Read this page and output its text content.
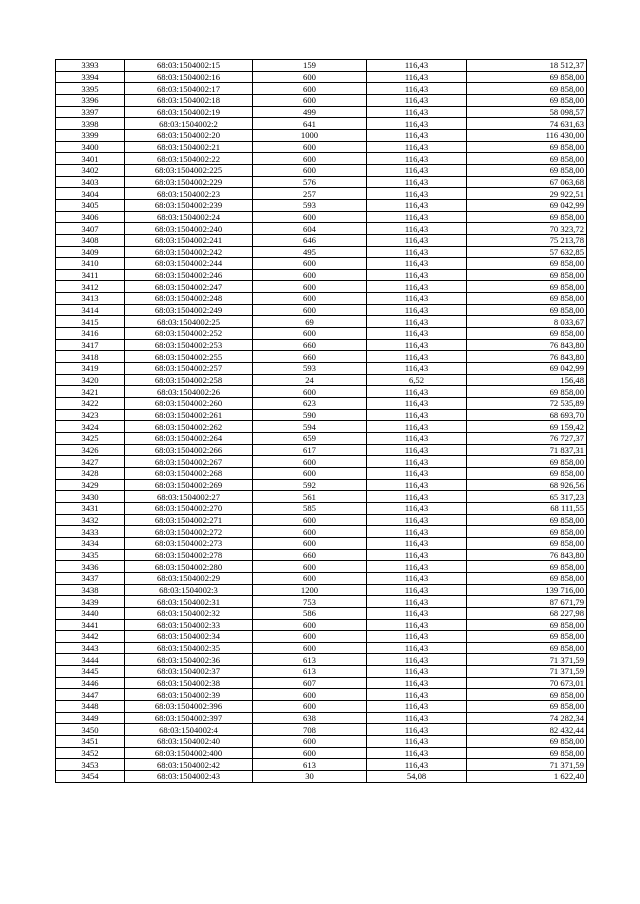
3393	68:03:1504002:15	159	116,43	18 512,37
3394	68:03:1504002:16	600	116,43	69 858,00
3395	68:03:1504002:17	600	116,43	69 858,00
3396	68:03:1504002:18	600	116,43	69 858,00
3397	68:03:1504002:19	499	116,43	58 098,57
3398	68:03:1504002:2	641	116,43	74 631,63
3399	68:03:1504002:20	1000	116,43	116 430,00
3400	68:03:1504002:21	600	116,43	69 858,00
3401	68:03:1504002:22	600	116,43	69 858,00
3402	68:03:1504002:225	600	116,43	69 858,00
3403	68:03:1504002:229	576	116,43	67 063,68
3404	68:03:1504002:23	257	116,43	29 922,51
3405	68:03:1504002:239	593	116,43	69 042,99
3406	68:03:1504002:24	600	116,43	69 858,00
3407	68:03:1504002:240	604	116,43	70 323,72
3408	68:03:1504002:241	646	116,43	75 213,78
3409	68:03:1504002:242	495	116,43	57 632,85
3410	68:03:1504002:244	600	116,43	69 858,00
3411	68:03:1504002:246	600	116,43	69 858,00
3412	68:03:1504002:247	600	116,43	69 858,00
3413	68:03:1504002:248	600	116,43	69 858,00
3414	68:03:1504002:249	600	116,43	69 858,00
3415	68:03:1504002:25	69	116,43	8 033,67
3416	68:03:1504002:252	600	116,43	69 858,00
3417	68:03:1504002:253	660	116,43	76 843,80
3418	68:03:1504002:255	660	116,43	76 843,80
3419	68:03:1504002:257	593	116,43	69 042,99
3420	68:03:1504002:258	24	6,52	156,48
3421	68:03:1504002:26	600	116,43	69 858,00
3422	68:03:1504002:260	623	116,43	72 535,89
3423	68:03:1504002:261	590	116,43	68 693,70
3424	68:03:1504002:262	594	116,43	69 159,42
3425	68:03:1504002:264	659	116,43	76 727,37
3426	68:03:1504002:266	617	116,43	71 837,31
3427	68:03:1504002:267	600	116,43	69 858,00
3428	68:03:1504002:268	600	116,43	69 858,00
3429	68:03:1504002:269	592	116,43	68 926,56
3430	68:03:1504002:27	561	116,43	65 317,23
3431	68:03:1504002:270	585	116,43	68 111,55
3432	68:03:1504002:271	600	116,43	69 858,00
3433	68:03:1504002:272	600	116,43	69 858,00
3434	68:03:1504002:273	600	116,43	69 858,00
3435	68:03:1504002:278	660	116,43	76 843,80
3436	68:03:1504002:280	600	116,43	69 858,00
3437	68:03:1504002:29	600	116,43	69 858,00
3438	68:03:1504002:3	1200	116,43	139 716,00
3439	68:03:1504002:31	753	116,43	87 671,79
3440	68:03:1504002:32	586	116,43	68 227,98
3441	68:03:1504002:33	600	116,43	69 858,00
3442	68:03:1504002:34	600	116,43	69 858,00
3443	68:03:1504002:35	600	116,43	69 858,00
3444	68:03:1504002:36	613	116,43	71 371,59
3445	68:03:1504002:37	613	116,43	71 371,59
3446	68:03:1504002:38	607	116,43	70 673,01
3447	68:03:1504002:39	600	116,43	69 858,00
3448	68:03:1504002:396	600	116,43	69 858,00
3449	68:03:1504002:397	638	116,43	74 282,34
3450	68:03:1504002:4	708	116,43	82 432,44
3451	68:03:1504002:40	600	116,43	69 858,00
3452	68:03:1504002:400	600	116,43	69 858,00
3453	68:03:1504002:42	613	116,43	71 371,59
3454	68:03:1504002:43	30	54,08	1 622,40
